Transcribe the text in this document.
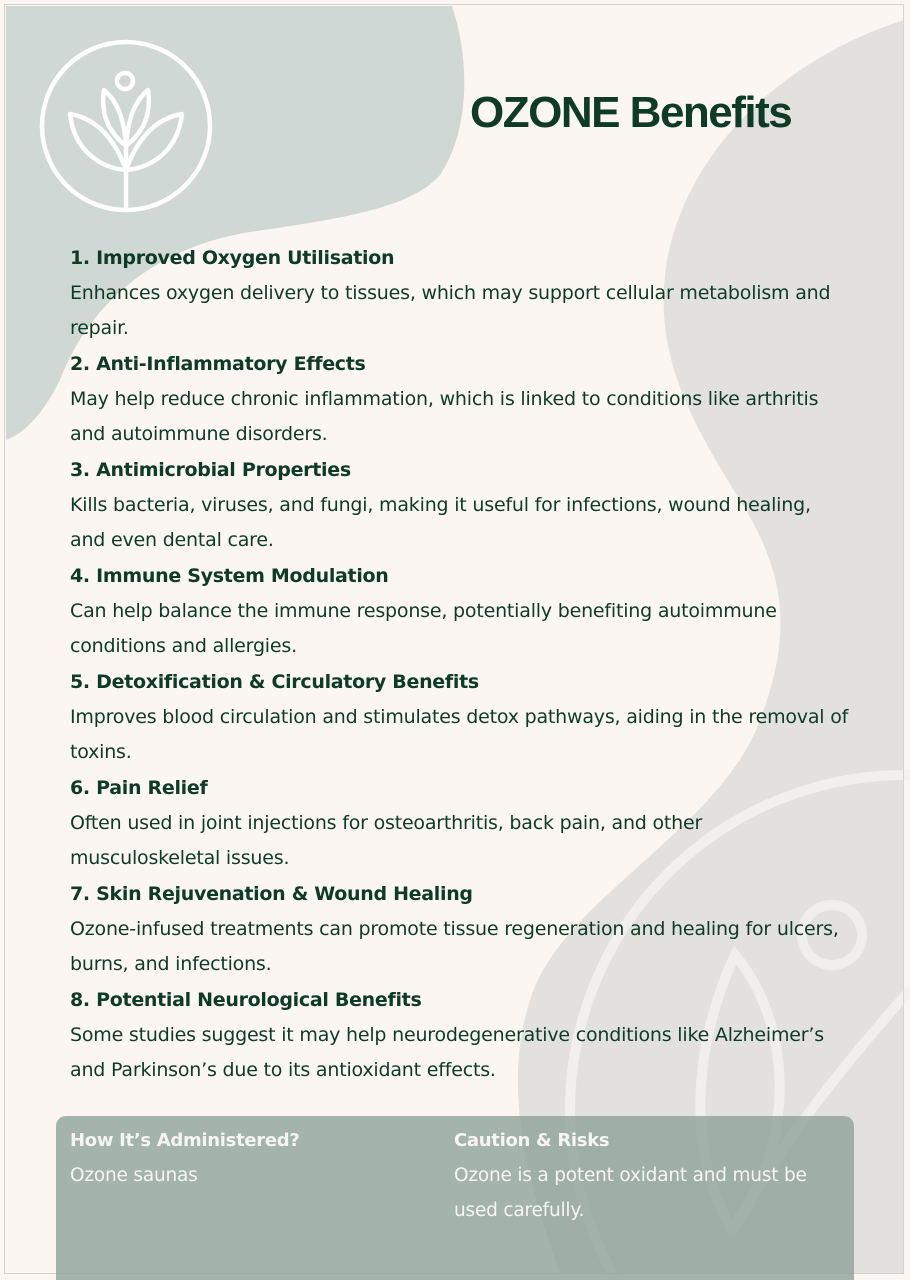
OZONE Benefits
1. Improved Oxygen Utilisation

Enhances oxygen delivery to tissues, which may support cellular metabolism and repair.

2. Anti-Inflammatory Effects

May help reduce chronic inflammation, which is linked to conditions like arthritis and autoimmune disorders.

3. Antimicrobial Properties

Kills bacteria, viruses, and fungi, making it useful for infections, wound healing, and even dental care.

4. Immune System Modulation

Can help balance the immune response, potentially benefiting autoimmune conditions and allergies.

5. Detoxification & Circulatory Benefits

Improves blood circulation and stimulates detox pathways, aiding in the removal of toxins.

6. Pain Relief

Often used in joint injections for osteoarthritis, back pain, and other musculoskeletal issues.

7. Skin Rejuvenation & Wound Healing

Ozone-infused treatments can promote tissue regeneration and healing for ulcers, burns, and infections.

8. Potential Neurological Benefits

Some studies suggest it may help neurodegenerative conditions like Alzheimer’s and Parkinson’s due to its antioxidant effects.

How It’s Administered?

Ozone saunas

Caution & Risks

Ozone is a potent oxidant and must be used carefully.
